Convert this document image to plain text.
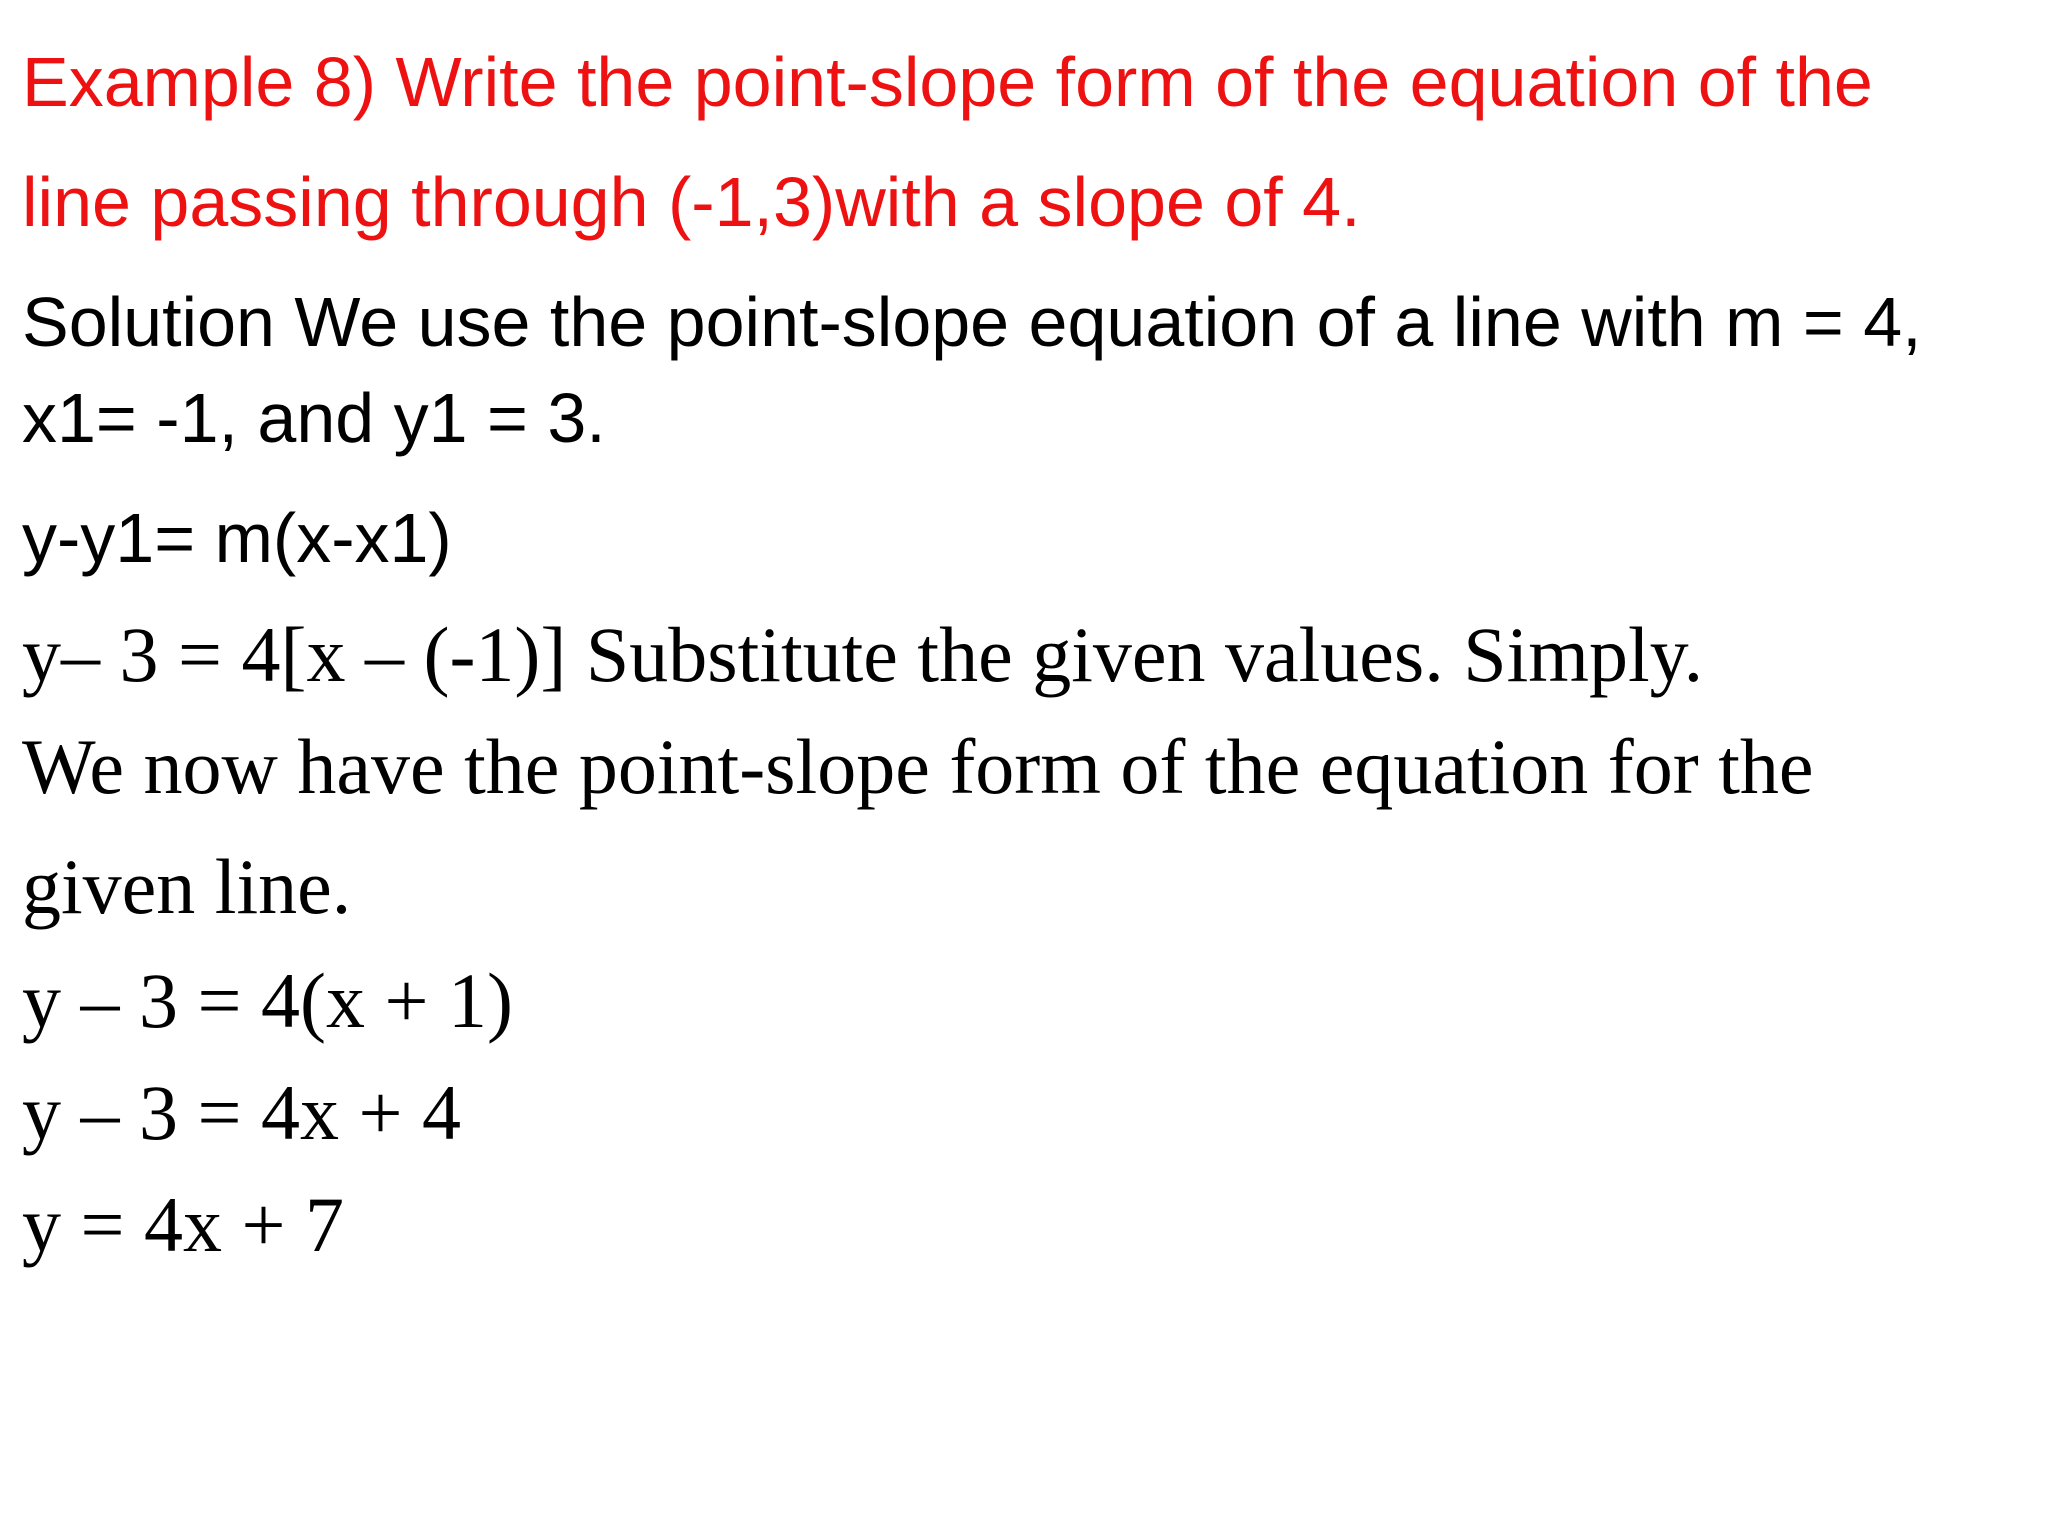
Example 8) Write the point-slope form of the equation of the
line passing through (-1,3)with a slope of 4.
Solution We use the point-slope equation of a line with m = 4,
x1= -1, and y1 = 3.
y-y1= m(x-x1)
y– 3 = 4[x – (-1)] Substitute the given values. Simply.
We now have the point-slope form of the equation for the
given line.
y – 3 = 4(x + 1)
y – 3 = 4x + 4
y = 4x + 7
